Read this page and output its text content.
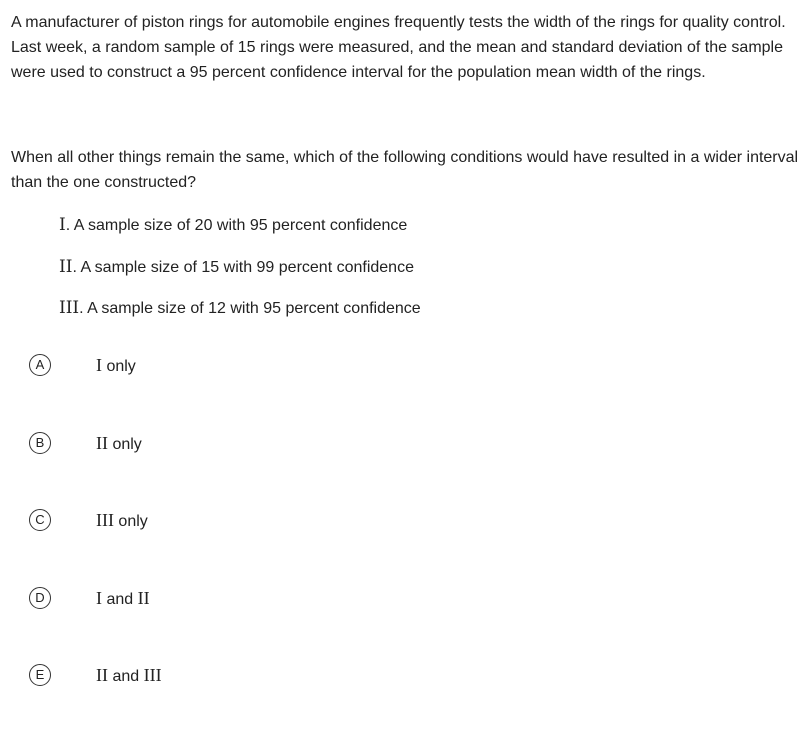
A manufacturer of piston rings for automobile engines frequently tests the width of the rings for quality control. Last week, a random sample of 15 rings were measured, and the mean and standard deviation of the sample were used to construct a 95 percent confidence interval for the population mean width of the rings.

When all other things remain the same, which of the following conditions would have resulted in a wider interval than the one constructed?

I. A sample size of 20 with 95 percent confidence
II. A sample size of 15 with 99 percent confidence
III. A sample size of 12 with 95 percent confidence
A	I only
B	II only
C	III only
D	I and II
E	II and III
